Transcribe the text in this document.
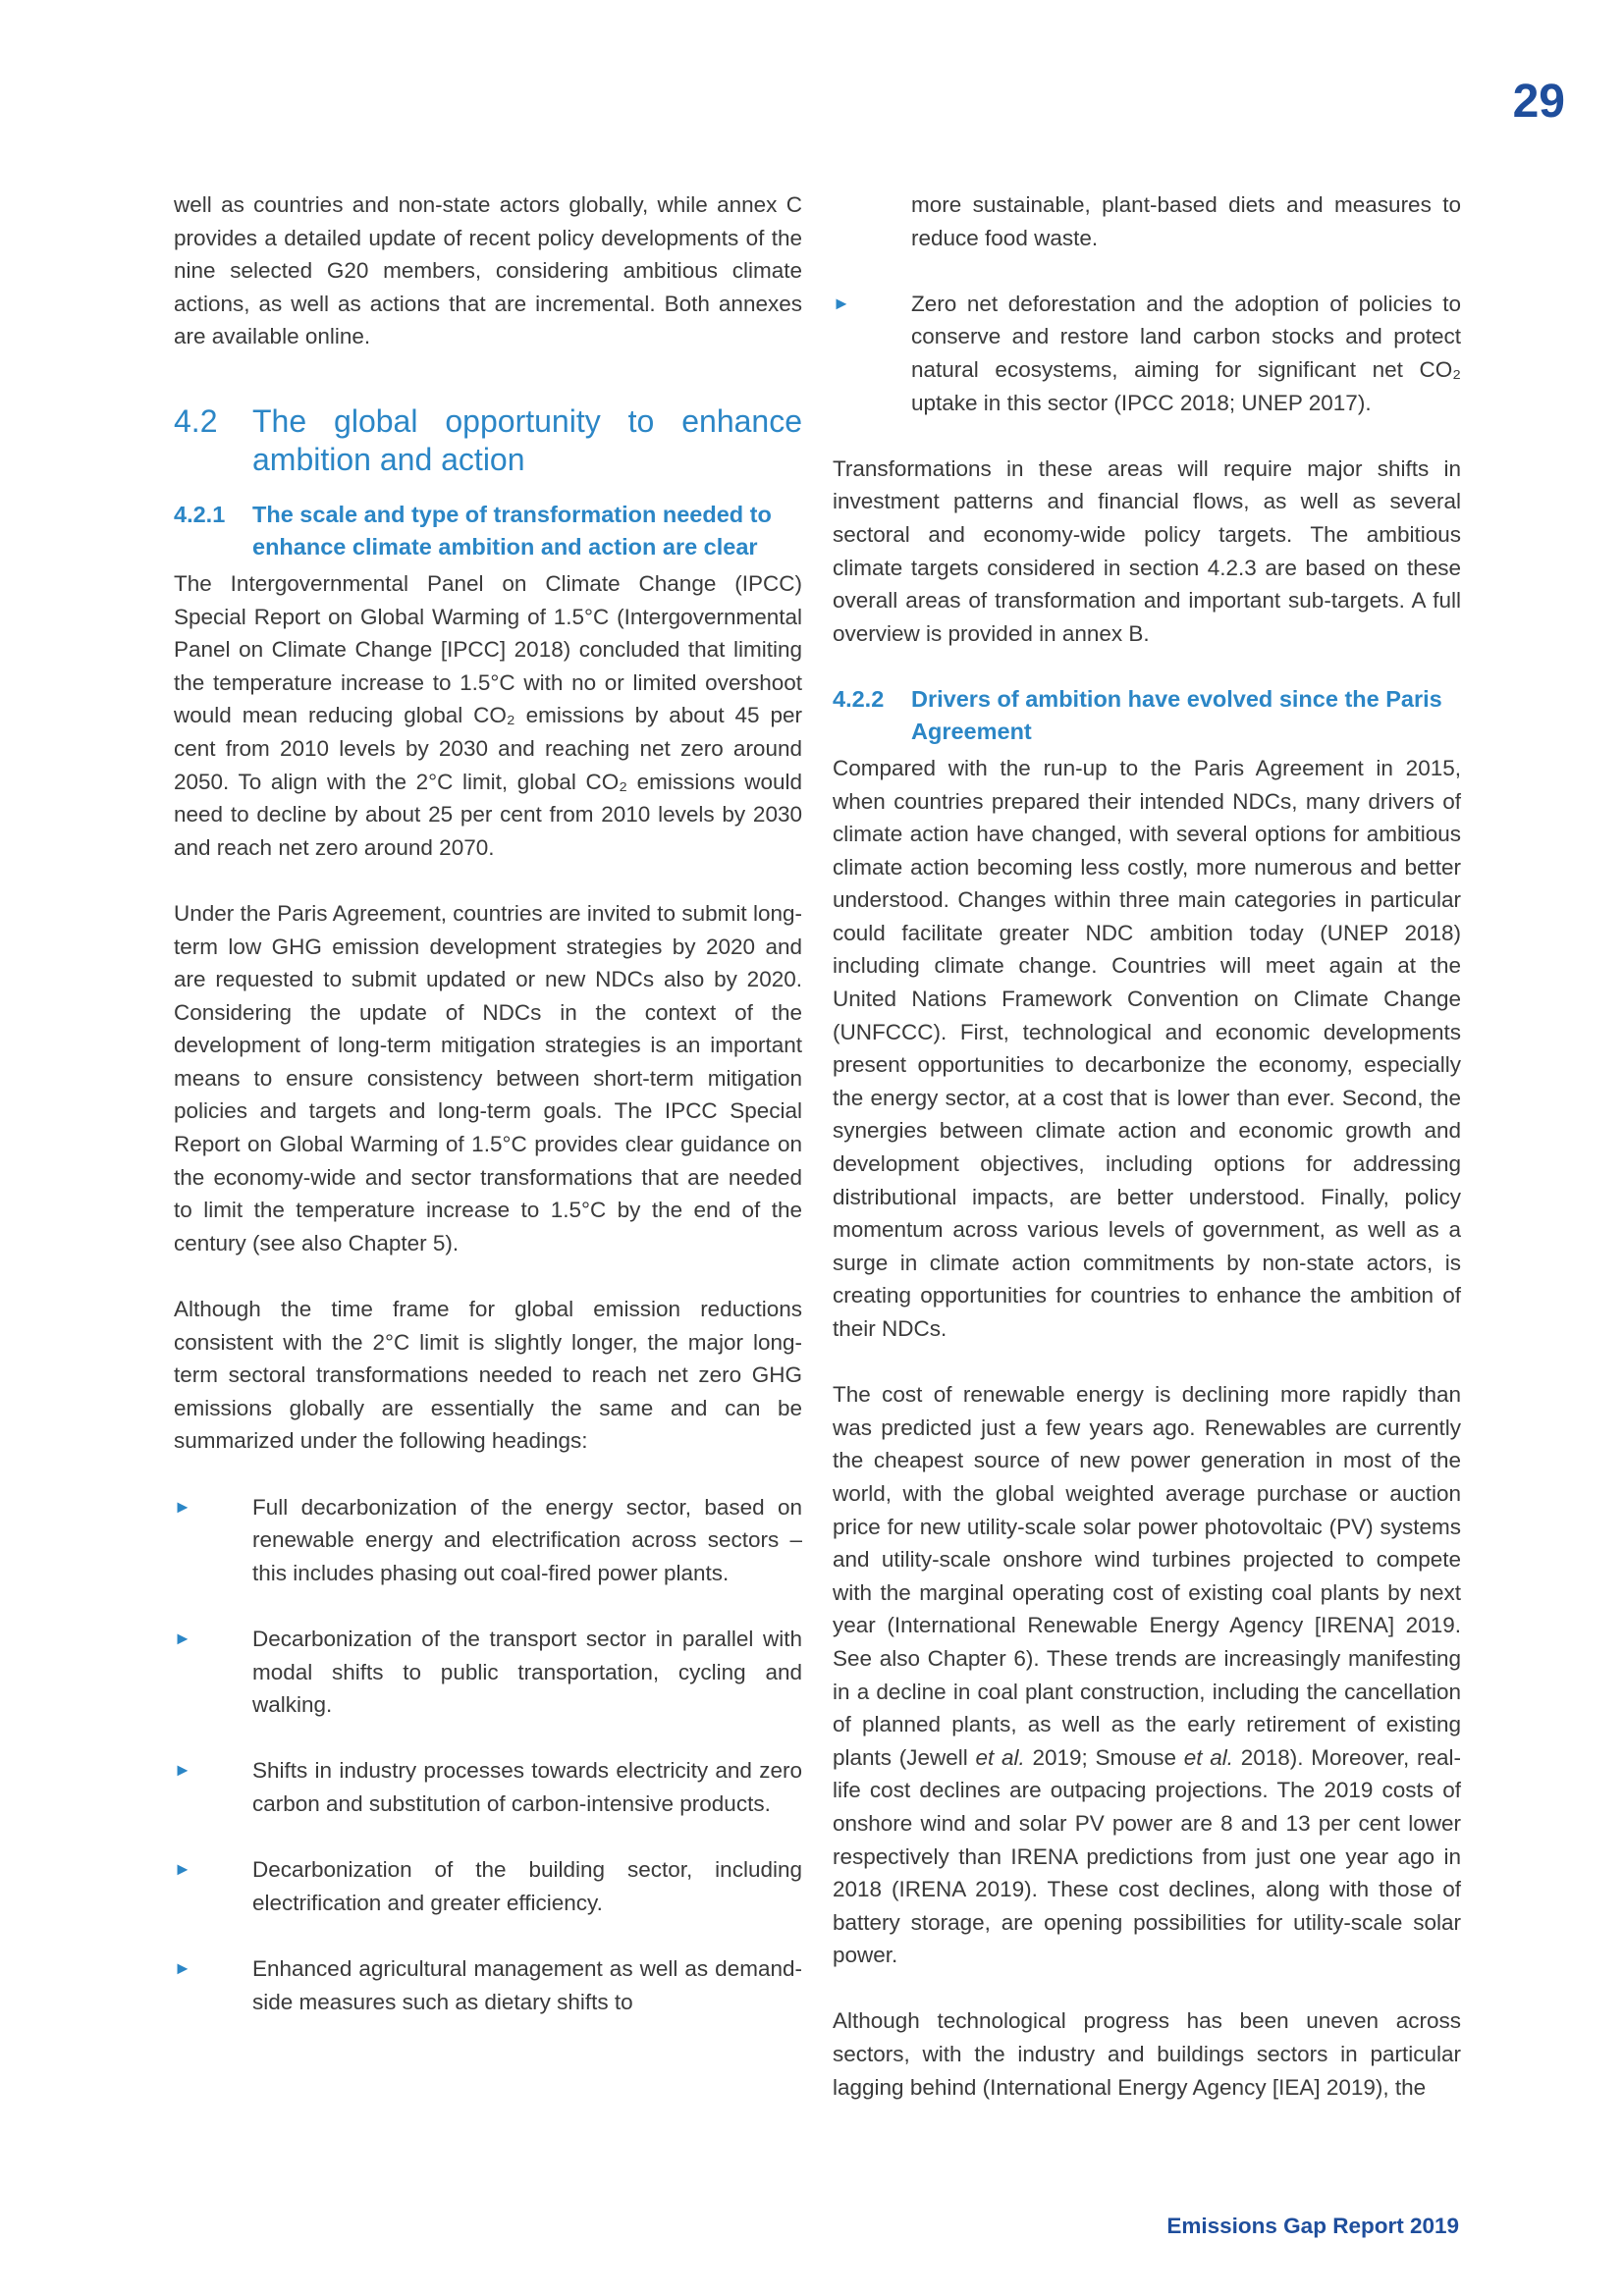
29

well as countries and non-state actors globally, while annex C provides a detailed update of recent policy developments of the nine selected G20 members, considering ambitious climate actions, as well as actions that are incremental. Both annexes are available online.

4.2	The global opportunity to enhance ambition and action
4.2.1	The scale and type of transformation needed to enhance climate ambition and action are clear

The Intergovernmental Panel on Climate Change (IPCC) Special Report on Global Warming of 1.5°C (Intergovernmental Panel on Climate Change [IPCC] 2018) concluded that limiting the temperature increase to 1.5°C with no or limited overshoot would mean reducing global CO₂ emissions by about 45 per cent from 2010 levels by 2030 and reaching net zero around 2050. To align with the 2°C limit, global CO₂ emissions would need to decline by about 25 per cent from 2010 levels by 2030 and reach net zero around 2070.

Under the Paris Agreement, countries are invited to submit long-term low GHG emission development strategies by 2020 and are requested to submit updated or new NDCs also by 2020. Considering the update of NDCs in the context of the development of long-term mitigation strategies is an important means to ensure consistency between short-term mitigation policies and targets and long-term goals. The IPCC Special Report on Global Warming of 1.5°C provides clear guidance on the economy-wide and sector transformations that are needed to limit the temperature increase to 1.5°C by the end of the century (see also Chapter 5).

Although the time frame for global emission reductions consistent with the 2°C limit is slightly longer, the major long-term sectoral transformations needed to reach net zero GHG emissions globally are essentially the same and can be summarized under the following headings:

►	Full decarbonization of the energy sector, based on renewable energy and electrification across sectors – this includes phasing out coal-fired power plants.
►	Decarbonization of the transport sector in parallel with modal shifts to public transportation, cycling and walking.
►	Shifts in industry processes towards electricity and zero carbon and substitution of carbon-intensive products.
►	Decarbonization of the building sector, including electrification and greater efficiency.
►	Enhanced agricultural management as well as demand-side measures such as dietary shifts to
more sustainable, plant-based diets and measures to reduce food waste.
►	Zero net deforestation and the adoption of policies to conserve and restore land carbon stocks and protect natural ecosystems, aiming for significant net CO₂ uptake in this sector (IPCC 2018; UNEP 2017).

Transformations in these areas will require major shifts in investment patterns and financial flows, as well as several sectoral and economy-wide policy targets. The ambitious climate targets considered in section 4.2.3 are based on these overall areas of transformation and important sub-targets. A full overview is provided in annex B.

4.2.2	Drivers of ambition have evolved since the Paris Agreement

Compared with the run-up to the Paris Agreement in 2015, when countries prepared their intended NDCs, many drivers of climate action have changed, with several options for ambitious climate action becoming less costly, more numerous and better understood. Changes within three main categories in particular could facilitate greater NDC ambition today (UNEP 2018) including climate change. Countries will meet again at the United Nations Framework Convention on Climate Change (UNFCCC). First, technological and economic developments present opportunities to decarbonize the economy, especially the energy sector, at a cost that is lower than ever. Second, the synergies between climate action and economic growth and development objectives, including options for addressing distributional impacts, are better understood. Finally, policy momentum across various levels of government, as well as a surge in climate action commitments by non-state actors, is creating opportunities for countries to enhance the ambition of their NDCs.

The cost of renewable energy is declining more rapidly than was predicted just a few years ago. Renewables are currently the cheapest source of new power generation in most of the world, with the global weighted average purchase or auction price for new utility-scale solar power photovoltaic (PV) systems and utility-scale onshore wind turbines projected to compete with the marginal operating cost of existing coal plants by next year (International Renewable Energy Agency [IRENA] 2019. See also Chapter 6). These trends are increasingly manifesting in a decline in coal plant construction, including the cancellation of planned plants, as well as the early retirement of existing plants (Jewell et al. 2019; Smouse et al. 2018). Moreover, real-life cost declines are outpacing projections. The 2019 costs of onshore wind and solar PV power are 8 and 13 per cent lower respectively than IRENA predictions from just one year ago in 2018 (IRENA 2019). These cost declines, along with those of battery storage, are opening possibilities for utility-scale solar power.

Although technological progress has been uneven across sectors, with the industry and buildings sectors in particular lagging behind (International Energy Agency [IEA] 2019), the

Emissions Gap Report 2019
